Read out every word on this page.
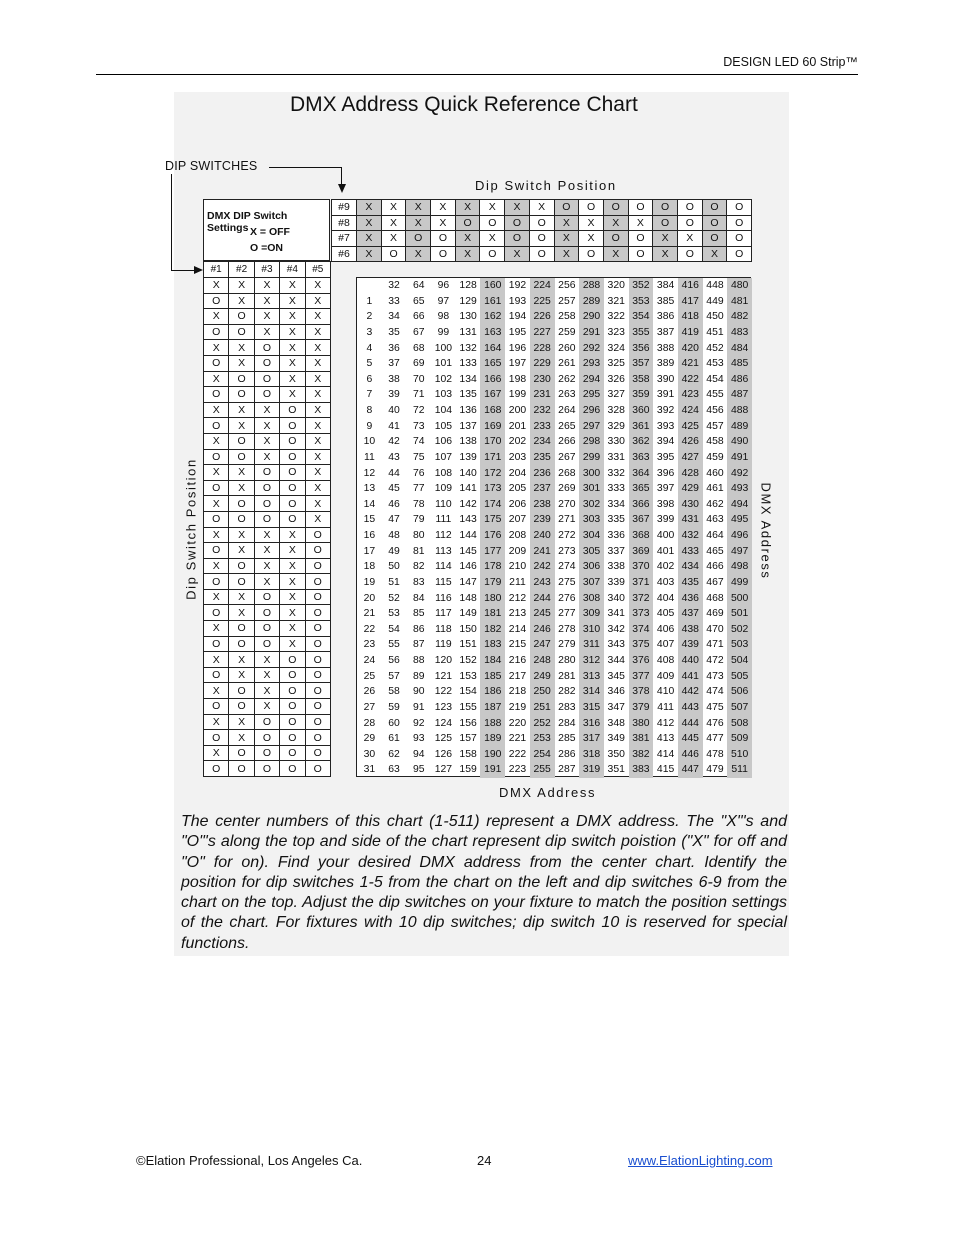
DESIGN LED 60 Strip™
DMX Address Quick Reference Chart
DIP SWITCHES
Dip Switch Position
DMX Address
Dip Switch Position	DMX Address
DMX DIP Switch Settings X = OFF
O =ON
#9	X	X	X	X	X	X	X	X	O	O	O	O	O	O	O	O
#8	X	X	X	X	O	O	O	O	X	X	X	X	O	O	O	O
#7	X	X	O	O	X	X	O	O	X	X	O	O	X	X	O	O
#6	X	O	X	O	X	O	X	O	X	O	X	O	X	O	X	O
#1	#2	#3	#4	#5
X	X	X	X	X
O	X	X	X	X
X	O	X	X	X
O	O	X	X	X
X	X	O	X	X
O	X	O	X	X
X	O	O	X	X
O	O	O	X	X
X	X	X	O	X
O	X	X	O	X
X	O	X	O	X
O	O	X	O	X
X	X	O	O	X
O	X	O	O	X
X	O	O	O	X
O	O	O	O	X
X	X	X	X	O
O	X	X	X	O
X	O	X	X	O
O	O	X	X	O
X	X	O	X	O
O	X	O	X	O
X	O	O	X	O
O	O	O	X	O
X	X	X	O	O
O	X	X	O	O
X	O	X	O	O
O	O	X	O	O
X	X	O	O	O
O	X	O	O	O
X	O	O	O	O
O	O	O	O	O
32	64	96 128 160 192 224 256 288 320 352 384 416 448 480
1	33	65	97 129 161 193 225 257 289 321 353 385 417 449 481
2	34	66	98 130 162 194 226 258 290 322 354 386 418 450 482
3	35	67	99 131 163 195 227 259 291 323 355 387 419 451 483
4	36	68 100 132 164 196 228 260 292 324 356 388 420 452 484
5	37	69 101 133 165 197 229 261 293 325 357 389 421 453 485
6	38	70 102 134 166 198 230 262 294 326 358 390 422 454 486
7	39	71 103 135 167 199 231 263 295 327 359 391 423 455 487
8	40	72 104 136 168 200 232 264 296 328 360 392 424 456 488
9	41	73 105 137 169 201 233 265 297 329 361 393 425 457 489
10	42	74 106 138 170 202 234 266 298 330 362 394 426 458 490
11	43	75 107 139 171 203 235 267 299 331 363 395 427 459 491
12	44	76 108 140 172 204 236 268 300 332 364 396 428 460 492
13	45	77 109 141 173 205 237 269 301 333 365 397 429 461 493
14	46	78	110 142 174 206 238 270 302 334 366 398 430 462 494
15	47	79	111 143 175 207 239 271 303 335 367 399 431 463 495
16	48	80	112 144 176 208 240 272 304 336 368 400 432 464 496
17	49	81	113 145 177 209 241 273 305 337 369 401 433 465 497
18	50	82	114 146 178 210 242 274 306 338 370 402 434 466 498
19	51	83	115 147 179 211 243 275 307 339 371 403 435 467 499
20	52	84	116 148 180 212 244 276 308 340 372 404 436 468 500
21	53	85	117 149 181 213 245 277 309 341 373 405 437 469 501
22	54	86	118 150 182 214 246 278 310 342 374 406 438 470 502
23	55	87	119 151 183 215 247 279 311 343 375 407 439 471 503
24	56	88 120 152 184 216 248 280 312 344 376 408 440 472 504
25	57	89 121 153 185 217 249 281 313 345 377 409 441 473 505
26	58	90 122 154 186 218 250 282 314 346 378 410 442 474 506
27	59	91 123 155 187 219 251 283 315 347 379 411 443 475 507
28	60	92 124 156 188 220 252 284 316 348 380 412 444 476 508
29	61	93 125 157 189 221 253 285 317 349 381 413 445 477 509
30	62	94 126 158 190 222 254 286 318 350 382 414 446 478 510
31	63	95 127 159 191 223 255 287 319 351 383 415 447 479 511
The center numbers of this chart (1-511) represent a DMX address. The "X"'s and "O"'s along the top and side of the chart represent dip switch poistion ("X" for off and "O" for on). Find your desired DMX address from the center chart. Identify the position for dip switches 1-5 from the chart on the left and dip switches 6-9 from the chart on the top. Adjust the dip switches on your fixture to match the position settings of the chart. For fixtures with 10 dip switches; dip switch 10 is reserved for special functions.
©Elation Professional, Los Angeles Ca.	24	www.ElationLighting.com
